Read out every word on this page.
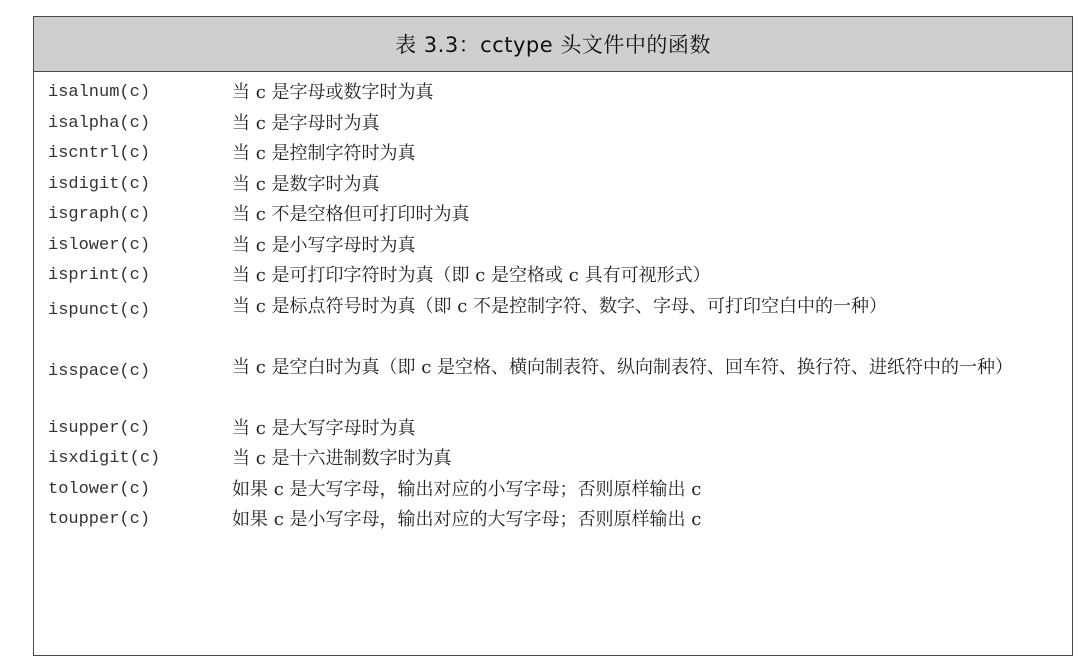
表 3.3：cctype 头文件中的函数
isalnum(c)	当 c 是字母或数字时为真
isalpha(c)	当 c 是字母时为真
iscntrl(c)	当 c 是控制字符时为真
isdigit(c)	当 c 是数字时为真
isgraph(c)	当 c 不是空格但可打印时为真
islower(c)	当 c 是小写字母时为真
isprint(c)	当 c 是可打印字符时为真（即 c 是空格或 c 具有可视形式）
ispunct(c)	当 c 是标点符号时为真（即 c 不是控制字符、数字、字母、可打印空白中的一种）
isspace(c)	当 c 是空白时为真（即 c 是空格、横向制表符、纵向制表符、回车符、换行符、进纸符中的一种）
isupper(c)	当 c 是大写字母时为真
isxdigit(c)	当 c 是十六进制数字时为真
tolower(c)	如果 c 是大写字母，输出对应的小写字母；否则原样输出 c
toupper(c)	如果 c 是小写字母，输出对应的大写字母；否则原样输出 c
